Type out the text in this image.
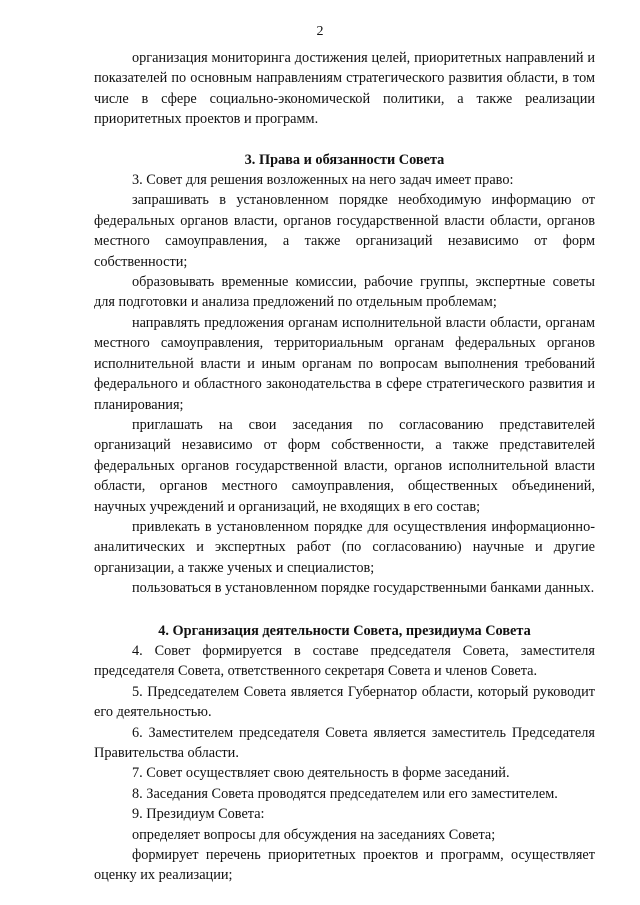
2

организация мониторинга достижения целей, приоритетных направлений и показателей по основным направлениям стратегического развития области, в том числе в сфере социально-экономической политики, а также реализации приоритетных проектов и программ.

3. Права и обязанности Совета

3. Совет для решения возложенных на него задач имеет право:

запрашивать в установленном порядке необходимую информацию от федеральных органов власти, органов государственной власти области, органов местного самоуправления, а также организаций независимо от форм собственности;

образовывать временные комиссии, рабочие группы, экспертные советы для подготовки и анализа предложений по отдельным проблемам;

направлять предложения органам исполнительной власти области, органам местного самоуправления, территориальным органам федеральных органов исполнительной власти и иным органам по вопросам выполнения требований федерального и областного законодательства в сфере стратегического развития и планирования;

приглашать на свои заседания по согласованию представителей организаций независимо от форм собственности, а также представителей федеральных органов государственной власти, органов исполнительной власти области, органов местного самоуправления, общественных объединений, научных учреждений и организаций, не входящих в его состав;

привлекать в установленном порядке для осуществления информационно-аналитических и экспертных работ (по согласованию) научные и другие организации, а также ученых и специалистов;

пользоваться в установленном порядке государственными банками данных.

4. Организация деятельности Совета, президиума Совета

4. Совет формируется в составе председателя Совета, заместителя председателя Совета, ответственного секретаря Совета и членов Совета.

5. Председателем Совета является Губернатор области, который руководит его деятельностью.

6. Заместителем председателя Совета является заместитель Председателя Правительства области.

7. Совет осуществляет свою деятельность в форме заседаний.

8. Заседания Совета проводятся председателем или его заместителем.

9. Президиум Совета:

определяет вопросы для обсуждения на заседаниях Совета;

формирует перечень приоритетных проектов и программ, осуществляет оценку их реализации;
